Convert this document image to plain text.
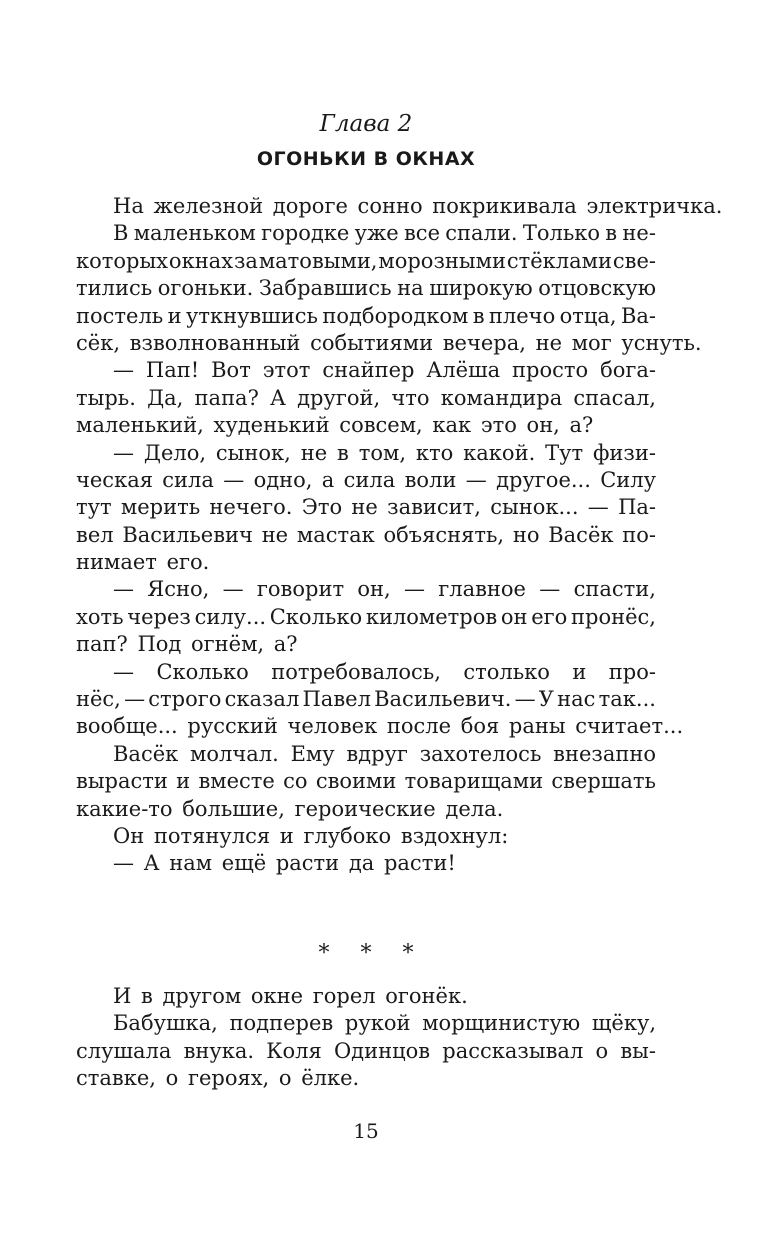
Глава 2
ОГОНЬКИ В ОКНАХ
На железной дороге сонно покрикивала электричка.
В маленьком городке уже все спали. Только в не-
которых окнах за матовыми, морозными стёклами све-
тились огоньки. Забравшись на широкую отцовскую
постель и уткнувшись подбородком в плечо отца, Ва-
сёк, взволнованный событиями вечера, не мог уснуть.
— Пап! Вот этот снайпер Алёша просто бога-
тырь. Да, папа? А другой, что командира спасал,
маленький, худенький совсем, как это он, а?
— Дело, сынок, не в том, кто какой. Тут физи-
ческая сила — одно, а сила воли — другое... Силу
тут мерить нечего. Это не зависит, сынок... — Па-
вел Васильевич не мастак объяснять, но Васёк по-
нимает его.
— Ясно, — говорит он, — главное — спасти,
хоть через силу... Сколько километров он его пронёс,
пап? Под огнём, а?
— Сколько потребовалось, столько и про-
нёс, — строго сказал Павел Васильевич. — У нас так...
вообще... русский человек после боя раны считает...
Васёк молчал. Ему вдруг захотелось внезапно
вырасти и вместе со своими товарищами свершать
какие-то большие, героические дела.
Он потянулся и глубоко вздохнул:
— А нам ещё расти да расти!
* * *
И в другом окне горел огонёк.
Бабушка, подперев рукой морщинистую щёку,
слушала внука. Коля Одинцов рассказывал о вы-
ставке, о героях, о ёлке.
15
